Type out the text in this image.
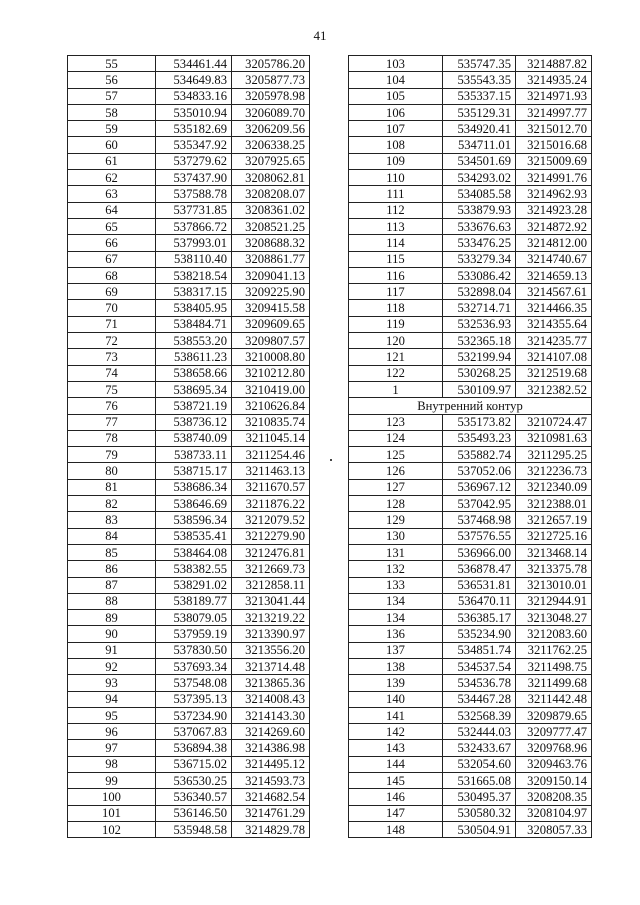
41
55	534461.44	3205786.20
56	534649.83	3205877.73
57	534833.16	3205978.98
58	535010.94	3206089.70
59	535182.69	3206209.56
60	535347.92	3206338.25
61	537279.62	3207925.65
62	537437.90	3208062.81
63	537588.78	3208208.07
64	537731.85	3208361.02
65	537866.72	3208521.25
66	537993.01	3208688.32
67	538110.40	3208861.77
68	538218.54	3209041.13
69	538317.15	3209225.90
70	538405.95	3209415.58
71	538484.71	3209609.65
72	538553.20	3209807.57
73	538611.23	3210008.80
74	538658.66	3210212.80
75	538695.34	3210419.00
76	538721.19	3210626.84
77	538736.12	3210835.74
78	538740.09	3211045.14
79	538733.11	3211254.46
80	538715.17	3211463.13
81	538686.34	3211670.57
82	538646.69	3211876.22
83	538596.34	3212079.52
84	538535.41	3212279.90
85	538464.08	3212476.81
86	538382.55	3212669.73
87	538291.02	3212858.11
88	538189.77	3213041.44
89	538079.05	3213219.22
90	537959.19	3213390.97
91	537830.50	3213556.20
92	537693.34	3213714.48
93	537548.08	3213865.36
94	537395.13	3214008.43
95	537234.90	3214143.30
96	537067.83	3214269.60
97	536894.38	3214386.98
98	536715.02	3214495.12
99	536530.25	3214593.73
100	536340.57	3214682.54
101	536146.50	3214761.29
102	535948.58	3214829.78
103	535747.35	3214887.82
104	535543.35	3214935.24
105	535337.15	3214971.93
106	535129.31	3214997.77
107	534920.41	3215012.70
108	534711.01	3215016.68
109	534501.69	3215009.69
110	534293.02	3214991.76
111	534085.58	3214962.93
112	533879.93	3214923.28
113	533676.63	3214872.92
114	533476.25	3214812.00
115	533279.34	3214740.67
116	533086.42	3214659.13
117	532898.04	3214567.61
118	532714.71	3214466.35
119	532536.93	3214355.64
120	532365.18	3214235.77
121	532199.94	3214107.08
122	530268.25	3212519.68
1	530109.97	3212382.52
Внутренний контур		
123	535173.82	3210724.47
124	535493.23	3210981.63
125	535882.74	3211295.25
126	537052.06	3212236.73
127	536967.12	3212340.09
128	537042.95	3212388.01
129	537468.98	3212657.19
130	537576.55	3212725.16
131	536966.00	3213468.14
132	536878.47	3213375.78
133	536531.81	3213010.01
134	536470.11	3212944.91
134	536385.17	3213048.27
136	535234.90	3212083.60
137	534851.74	3211762.25
138	534537.54	3211498.75
139	534536.78	3211499.68
140	534467.28	3211442.48
141	532568.39	3209879.65
142	532444.03	3209777.47
143	532433.67	3209768.96
144	532054.60	3209463.76
145	531665.08	3209150.14
146	530495.37	3208208.35
147	530580.32	3208104.97
148	530504.91	3208057.33
